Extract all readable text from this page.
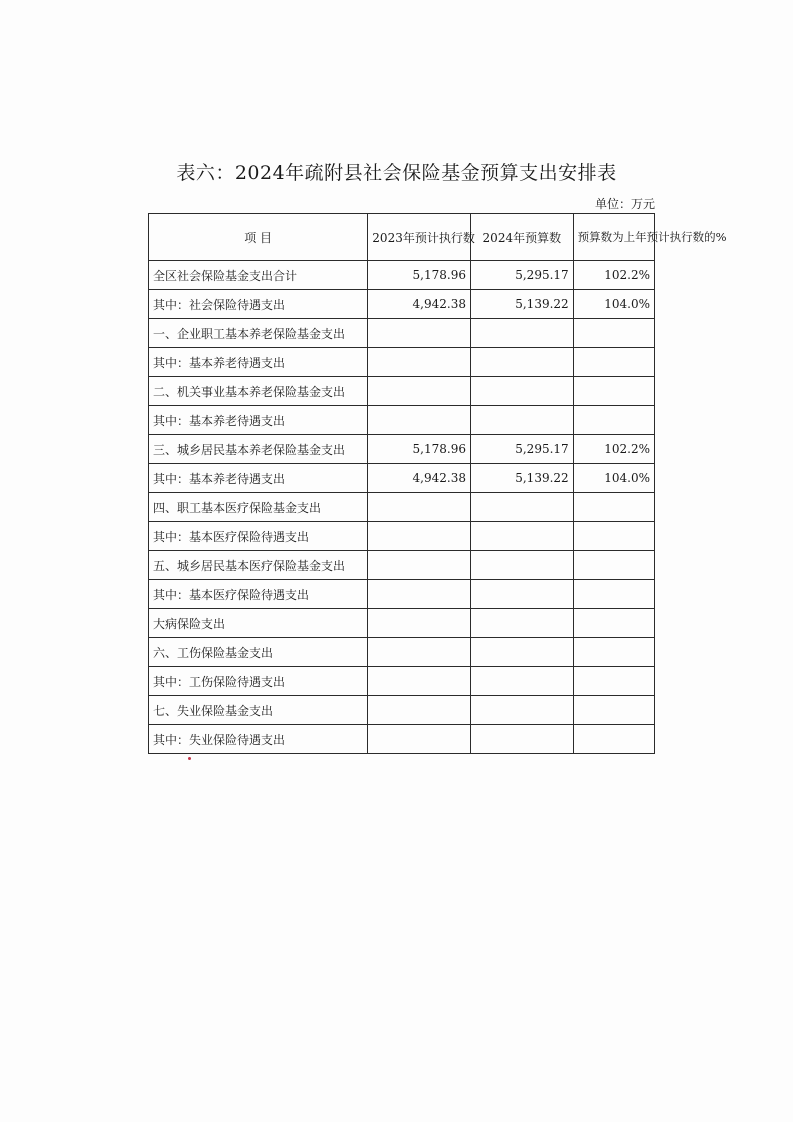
表六：2024年疏附县社会保险基金预算支出安排表
单位：万元
项 目	2023年预计执行数	2024年预算数	预算数为上年预计执行数的%
全区社会保险基金支出合计	5,178.96	5,295.17	102.2%
其中：社会保险待遇支出	4,942.38	5,139.22	104.0%
一、企业职工基本养老保险基金支出			
其中：基本养老待遇支出			
二、机关事业基本养老保险基金支出			
其中：基本养老待遇支出			
三、城乡居民基本养老保险基金支出	5,178.96	5,295.17	102.2%
其中：基本养老待遇支出	4,942.38	5,139.22	104.0%
四、职工基本医疗保险基金支出			
其中：基本医疗保险待遇支出			
五、城乡居民基本医疗保险基金支出			
其中：基本医疗保险待遇支出			
大病保险支出			
六、工伤保险基金支出			
其中：工伤保险待遇支出			
七、失业保险基金支出			
其中：失业保险待遇支出			
